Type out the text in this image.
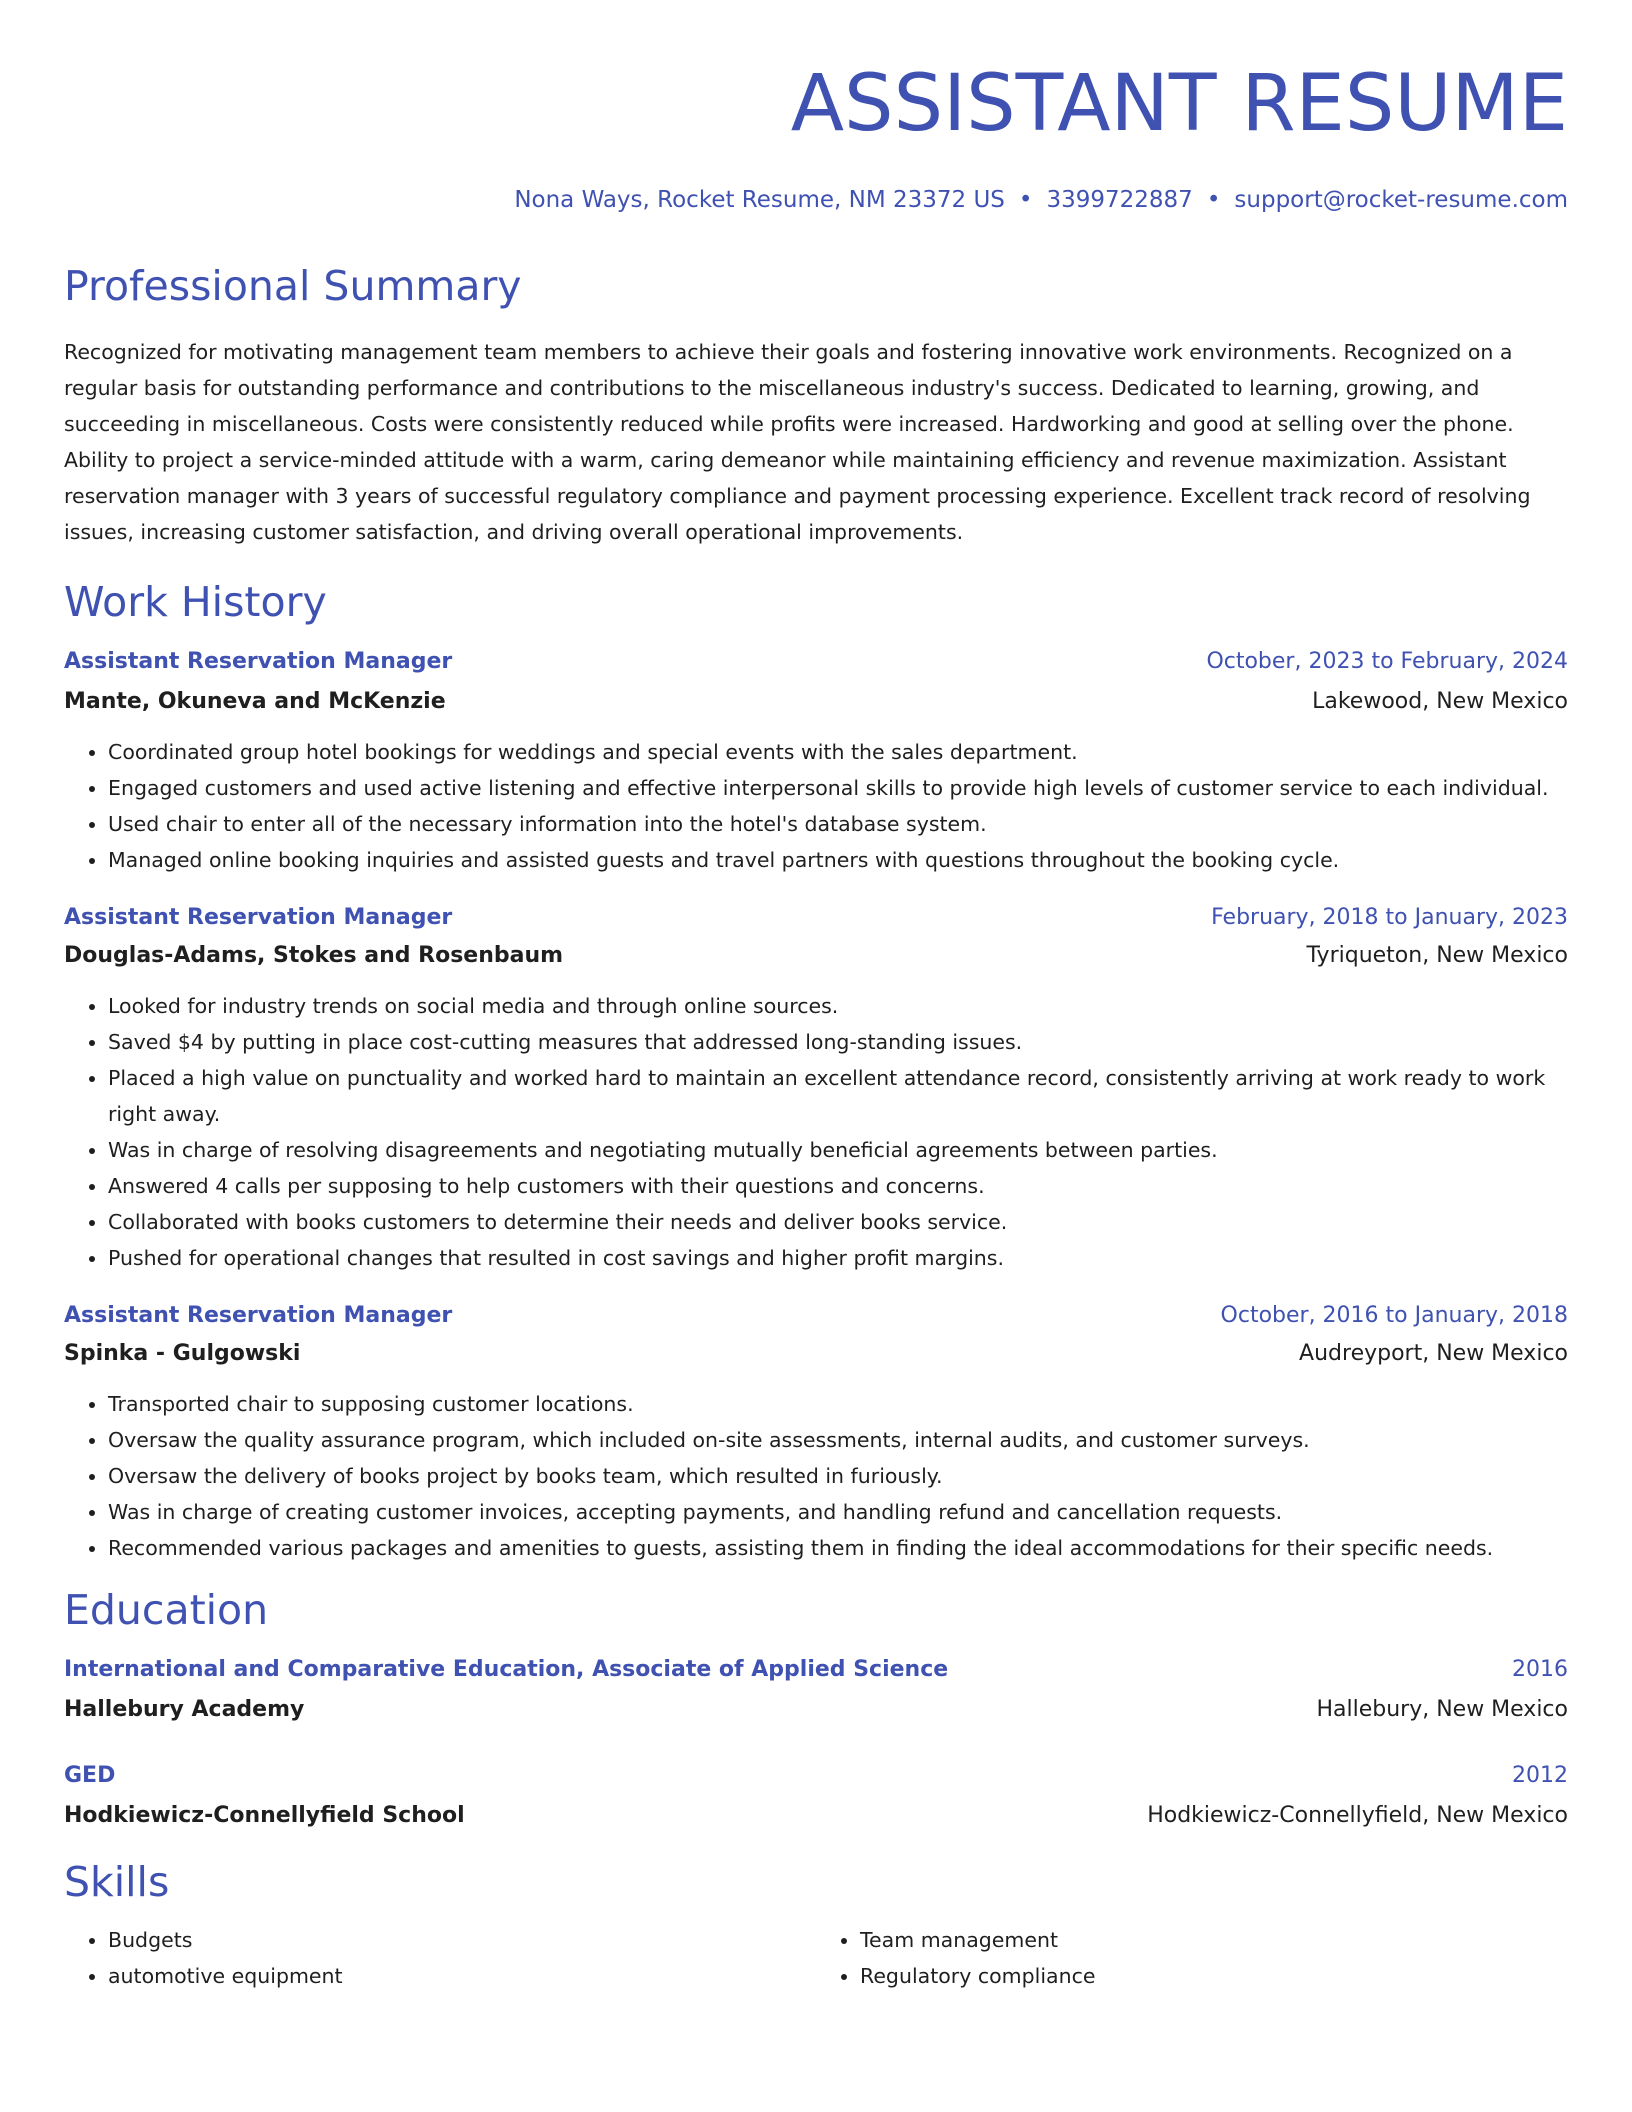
ASSISTANT RESUME
Nona Ways, Rocket Resume, NM 23372 US • 3399722887 • support@rocket-resume.com
Professional Summary

Recognized for motivating management team members to achieve their goals and fostering innovative work environments. Recognized on a regular basis for outstanding performance and contributions to the miscellaneous industry's success. Dedicated to learning, growing, and succeeding in miscellaneous. Costs were consistently reduced while profits were increased. Hardworking and good at selling over the phone. Ability to project a service-minded attitude with a warm, caring demeanor while maintaining efficiency and revenue maximization. Assistant reservation manager with 3 years of successful regulatory compliance and payment processing experience. Excellent track record of resolving issues, increasing customer satisfaction, and driving overall operational improvements.

Work History
Assistant Reservation Manager	October, 2023 to February, 2024
Mante, Okuneva and McKenzie	Lakewood, New Mexico
• Coordinated group hotel bookings for weddings and special events with the sales department.
• Engaged customers and used active listening and effective interpersonal skills to provide high levels of customer service to each individual.
• Used chair to enter all of the necessary information into the hotel's database system.
• Managed online booking inquiries and assisted guests and travel partners with questions throughout the booking cycle.
Assistant Reservation Manager	February, 2018 to January, 2023
Douglas-Adams, Stokes and Rosenbaum	Tyriqueton, New Mexico
• Looked for industry trends on social media and through online sources.
• Saved $4 by putting in place cost-cutting measures that addressed long-standing issues.
• Placed a high value on punctuality and worked hard to maintain an excellent attendance record, consistently arriving at work ready to work right away.
• Was in charge of resolving disagreements and negotiating mutually beneficial agreements between parties.
• Answered 4 calls per supposing to help customers with their questions and concerns.
• Collaborated with books customers to determine their needs and deliver books service.
• Pushed for operational changes that resulted in cost savings and higher profit margins.
Assistant Reservation Manager	October, 2016 to January, 2018
Spinka - Gulgowski	Audreyport, New Mexico
• Transported chair to supposing customer locations.
• Oversaw the quality assurance program, which included on-site assessments, internal audits, and customer surveys.
• Oversaw the delivery of books project by books team, which resulted in furiously.
• Was in charge of creating customer invoices, accepting payments, and handling refund and cancellation requests.
• Recommended various packages and amenities to guests, assisting them in finding the ideal accommodations for their specific needs.
Education
International and Comparative Education, Associate of Applied Science	2016
Hallebury Academy	Hallebury, New Mexico
GED	2012
Hodkiewicz-Connellyfield School	Hodkiewicz-Connellyfield, New Mexico
Skills
• Budgets
• automotive equipment
• Team management
• Regulatory compliance
